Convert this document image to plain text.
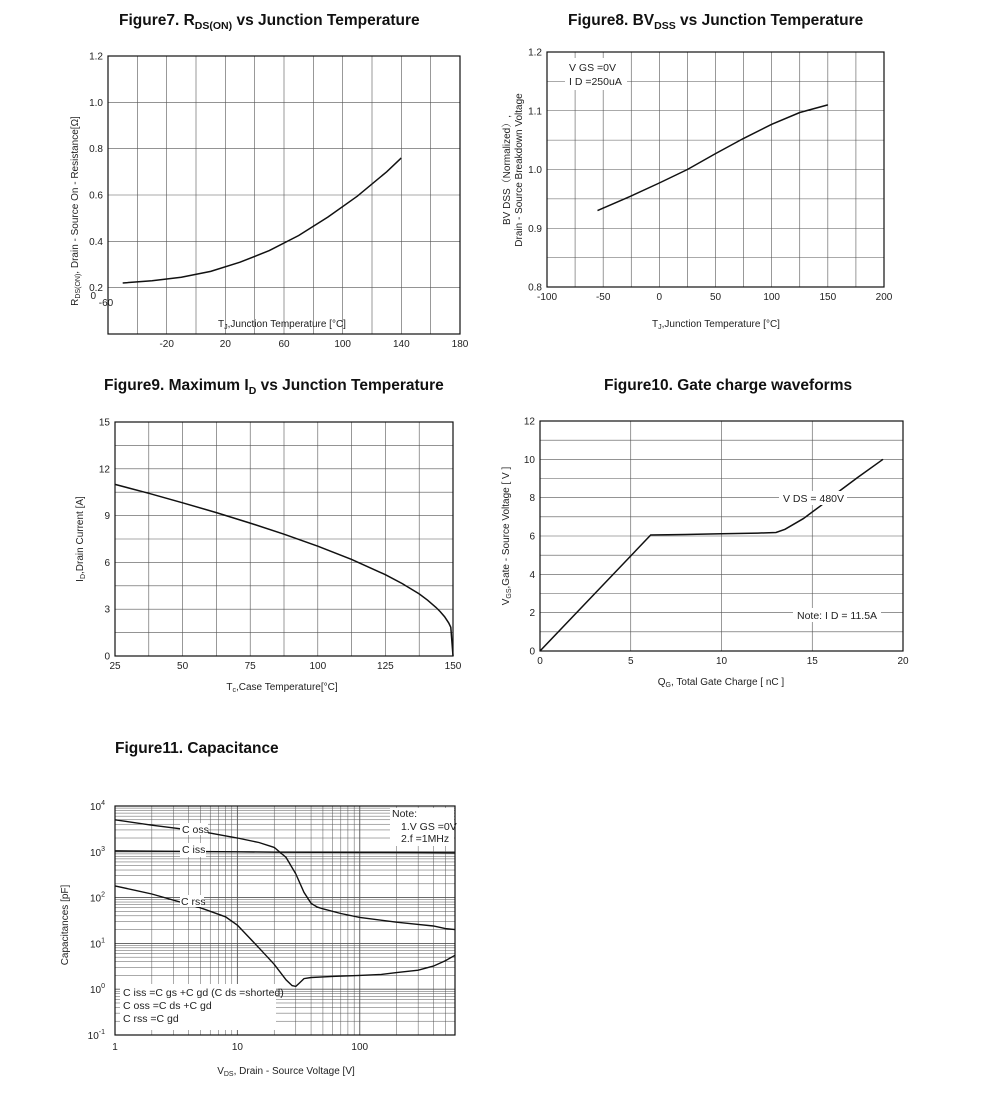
Figure7. $R_{DS(ON)}$ vs Junction Temperature
-20	20	60	100	140	180
0.2
0.4
0.6
0.8
1.0
1.2
0
-60
$R_{DS(ON)}$, Drain - Source On - Resistance[Ω]
$T_J,Junction$ Temperature [°C]
Figure8. $BV_{DSS}$ vs Junction Temperature
-100	-50	0	50	100	150	200
0.8
0.9
1.0
1.1
1.2
V GS =0V
I D =250uA
BV DSS（Normalized）, Drain - Source Breakdown Voltage
$T_J,Junction$ Temperature [°C]
Figure9. Maximum $I_D$ vs Junction Temperature
25	50	75	100	125	150
0
3
6
9
12
15
$I_D,Drain$ Current [A]
$T_c,Case$ Temperature[°C]
Figure10. Gate charge waveforms
0	5	10	15	20
0
2
4
6
8
10
12
V DS = 480V
Note: I D = 11.5A
$V_{GS},Gate$ - Source Voltage [ V ]
$Q_G$, Total Gate Charge [ nC ]
Figure11. Capacitance
1	10	100
$10^{-1}$
$10^0$
$10^1$
$10^2$
$10^3$
$10^4$
Note:
1.V GS =0V
2.f =1MHz
C oss
C iss
C rss
C iss =C gs +C gd (C ds =shorted)
C oss =C ds +C gd
C rss =C gd
Capacitances [pF]
$V_{DS}$, Drain - Source Voltage [V]
